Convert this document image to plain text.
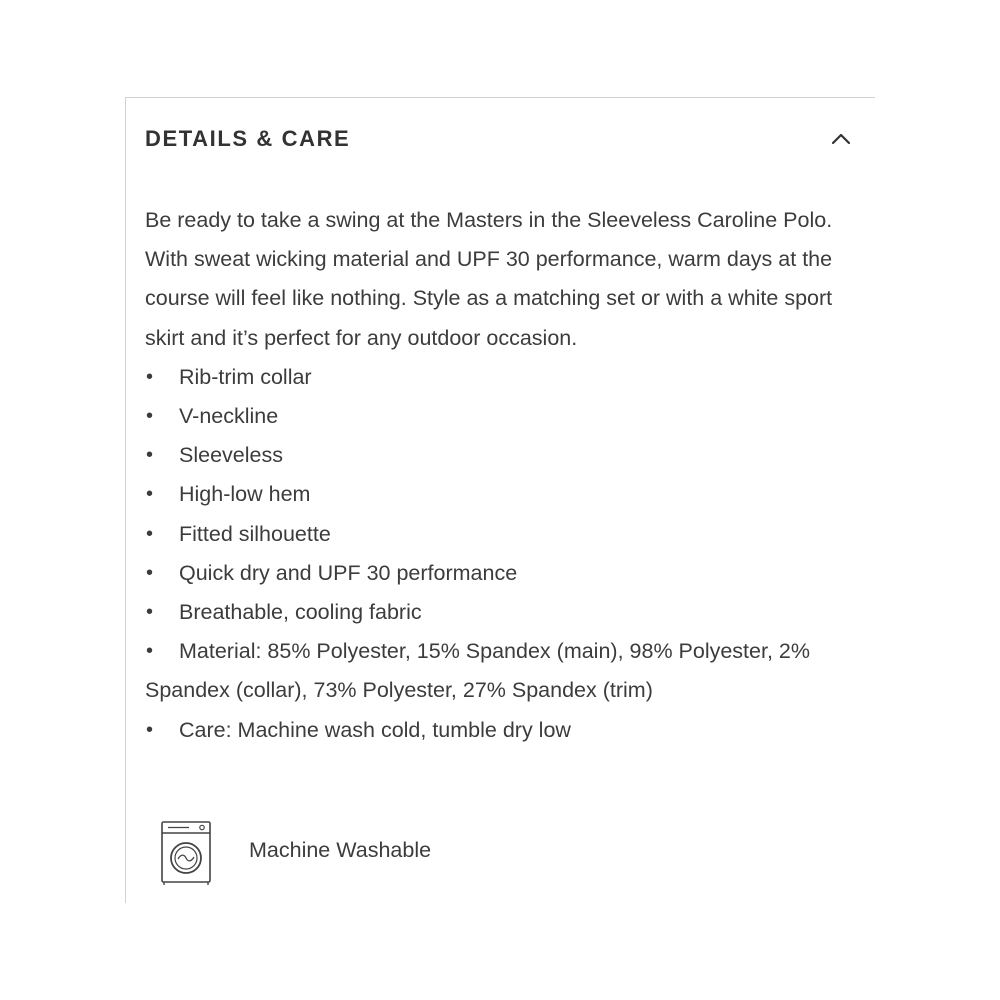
DETAILS & CARE

Be ready to take a swing at the Masters in the Sleeveless Caroline Polo. With sweat wicking material and UPF 30 performance, warm days at the course will feel like nothing. Style as a matching set or with a white sport skirt and it’s perfect for any outdoor occasion.

• Rib-trim collar
• V-neckline
• Sleeveless
• High-low hem
• Fitted silhouette
• Quick dry and UPF 30 performance
• Breathable, cooling fabric
• Material: 85% Polyester, 15% Spandex (main), 98% Polyester, 2% Spandex (collar), 73% Polyester, 27% Spandex (trim)
• Care: Machine wash cold, tumble dry low
Machine Washable
